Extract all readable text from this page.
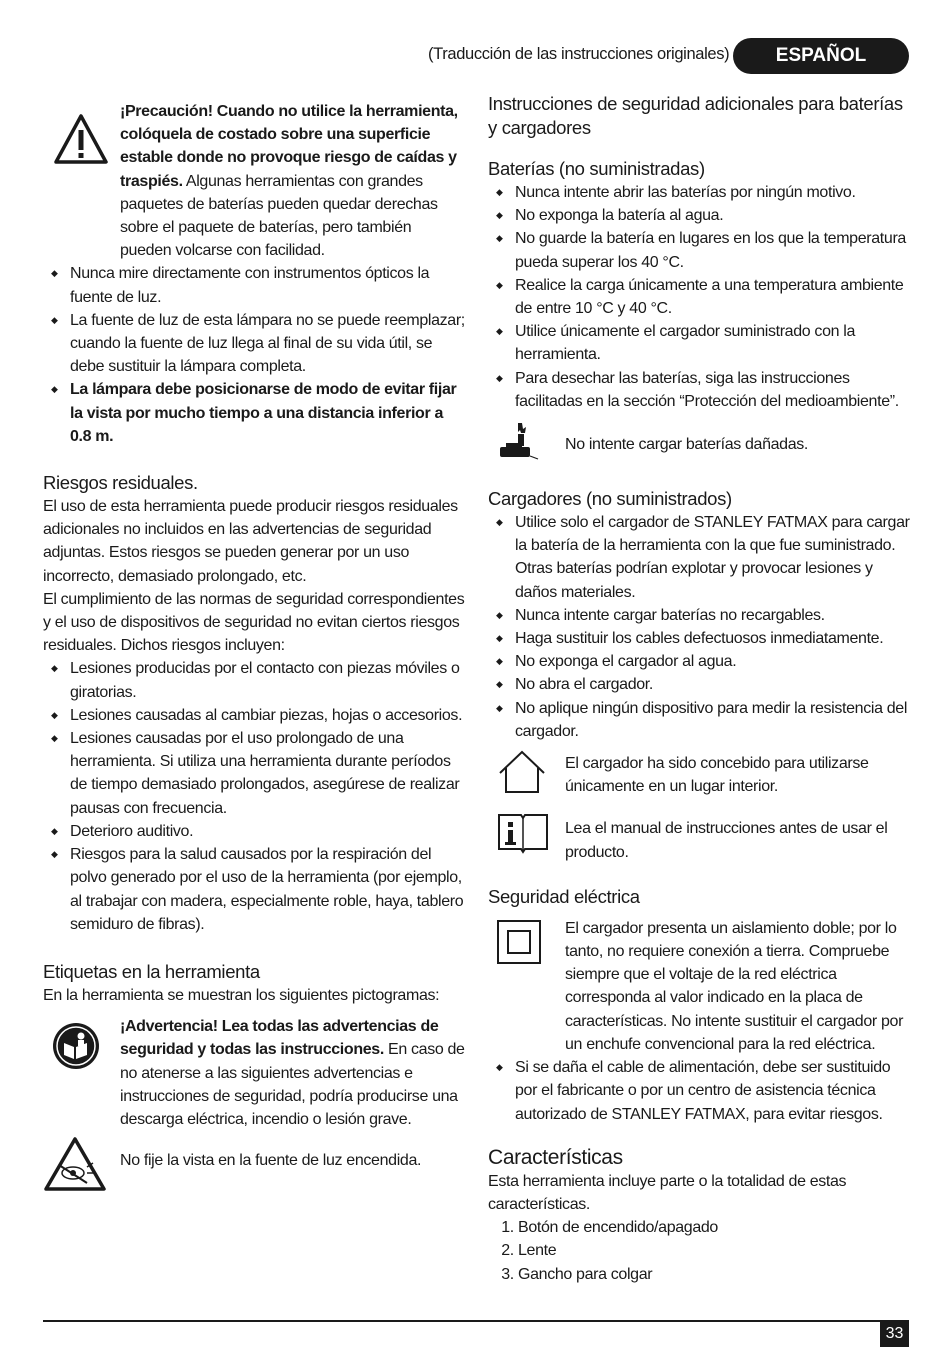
(Traducción de las instrucciones originales)	ESPAÑOL

¡Precaución! Cuando no utilice la herramienta, colóquela de costado sobre una superficie estable donde no provoque riesgo de caídas y traspiés. Algunas herramientas con grandes paquetes de baterías pueden quedar derechas sobre el paquete de baterías, pero también pueden volcarse con facilidad.

◆ Nunca mire directamente con instrumentos ópticos la fuente de luz.
◆ La fuente de luz de esta lámpara no se puede reemplazar; cuando la fuente de luz llega al final de su vida útil, se debe sustituir la lámpara completa.
◆ La lámpara debe posicionarse de modo de evitar fijar la vista por mucho tiempo a una distancia inferior a 0.8 m.
Riesgos residuales.

El uso de esta herramienta puede producir riesgos residuales adicionales no incluidos en las advertencias de seguridad adjuntas. Estos riesgos se pueden generar por un uso incorrecto, demasiado prolongado, etc.

El cumplimiento de las normas de seguridad correspondientes y el uso de dispositivos de seguridad no evitan ciertos riesgos residuales. Dichos riesgos incluyen:

◆ Lesiones producidas por el contacto con piezas móviles o giratorias.
◆ Lesiones causadas al cambiar piezas, hojas o accesorios.
◆ Lesiones causadas por el uso prolongado de una herramienta. Si utiliza una herramienta durante períodos de tiempo demasiado prolongados, asegúrese de realizar pausas con frecuencia.
◆ Deterioro auditivo.
◆ Riesgos para la salud causados por la respiración del polvo generado por el uso de la herramienta (por ejemplo, al trabajar con madera, especialmente roble, haya, tablero semiduro de fibras).
Etiquetas en la herramienta

En la herramienta se muestran los siguientes pictogramas:

¡Advertencia! Lea todas las advertencias de seguridad y todas las instrucciones. En caso de no atenerse a las siguientes advertencias e instrucciones de seguridad, podría producirse una descarga eléctrica, incendio o lesión grave.

No fije la vista en la fuente de luz encendida.

Instrucciones de seguridad adicionales para baterías y cargadores
Baterías (no suministradas)
◆ Nunca intente abrir las baterías por ningún motivo.
◆ No exponga la batería al agua.
◆ No guarde la batería en lugares en los que la temperatura pueda superar los 40 °C.
◆ Realice la carga únicamente a una temperatura ambiente de entre 10 °C y 40 °C.
◆ Utilice únicamente el cargador suministrado con la herramienta.
◆ Para desechar las baterías, siga las instrucciones facilitadas en la sección “Protección del medioambiente”.

No intente cargar baterías dañadas.

Cargadores (no suministrados)
◆ Utilice solo el cargador de STANLEY FATMAX para cargar la batería de la herramienta con la que fue suministrado. Otras baterías podrían explotar y provocar lesiones y daños materiales.
◆ Nunca intente cargar baterías no recargables.
◆ Haga sustituir los cables defectuosos inmediatamente.
◆ No exponga el cargador al agua.
◆ No abra el cargador.
◆ No aplique ningún dispositivo para medir la resistencia del cargador.

El cargador ha sido concebido para utilizarse únicamente en un lugar interior.

Lea el manual de instrucciones antes de usar el producto.

Seguridad eléctrica

El cargador presenta un aislamiento doble; por lo tanto, no requiere conexión a tierra. Compruebe siempre que el voltaje de la red eléctrica corresponda al valor indicado en la placa de características. No intente sustituir el cargador por un enchufe convencional para la red eléctrica.

◆ Si se daña el cable de alimentación, debe ser sustituido por el fabricante o por un centro de asistencia técnica autorizado de STANLEY FATMAX, para evitar riesgos.
Características

Esta herramienta incluye parte o la totalidad de estas características.

1. Botón de encendido/apagado
2. Lente
3. Gancho para colgar
33
